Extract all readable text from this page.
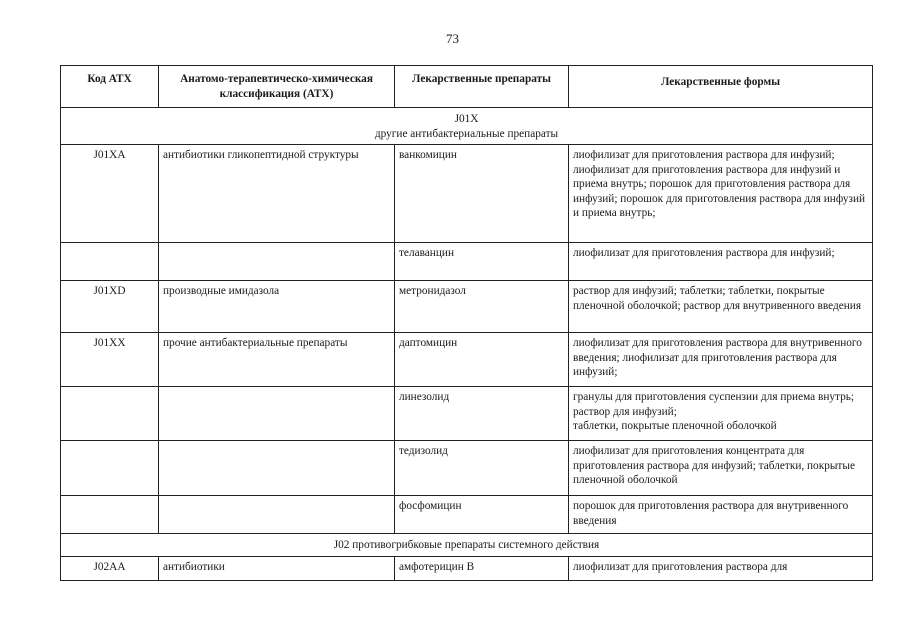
73
Код АТХ	Анатомо-терапевтическо-химическая классификация (АТХ)	Лекарственные препараты	Лекарственные формы

J01X
другие антибактериальные препараты			

J01XA	антибиотики гликопептидной структуры	ванкомицин	лиофилизат для приготовления раствора для инфузий; лиофилизат для приготовления раствора для инфузий и приема внутрь; порошок для приготовления раствора для инфузий; порошок для приготовления раствора для инфузий и приема внутрь;
		телаванцин	лиофилизат для приготовления раствора для инфузий;
J01XD	производные имидазола	метронидазол	раствор для инфузий; таблетки; таблетки, покрытые пленочной оболочкой; раствор для внутривенного введения
J01XX	прочие антибактериальные препараты	даптомицин	лиофилизат для приготовления раствора для внутривенного введения; лиофилизат для приготовления раствора для инфузий;
		линезолид	гранулы для приготовления суспензии для приема внутрь; раствор для инфузий;
таблетки, покрытые пленочной оболочкой

		тедизолид	лиофилизат для приготовления концентрата для приготовления раствора для инфузий; таблетки, покрытые пленочной оболочкой
		фосфомицин	порошок для приготовления раствора для внутривенного введения

J02 противогрибковые препараты системного действия			

J02AA	антибиотики	амфотерицин В	лиофилизат для приготовления раствора для
